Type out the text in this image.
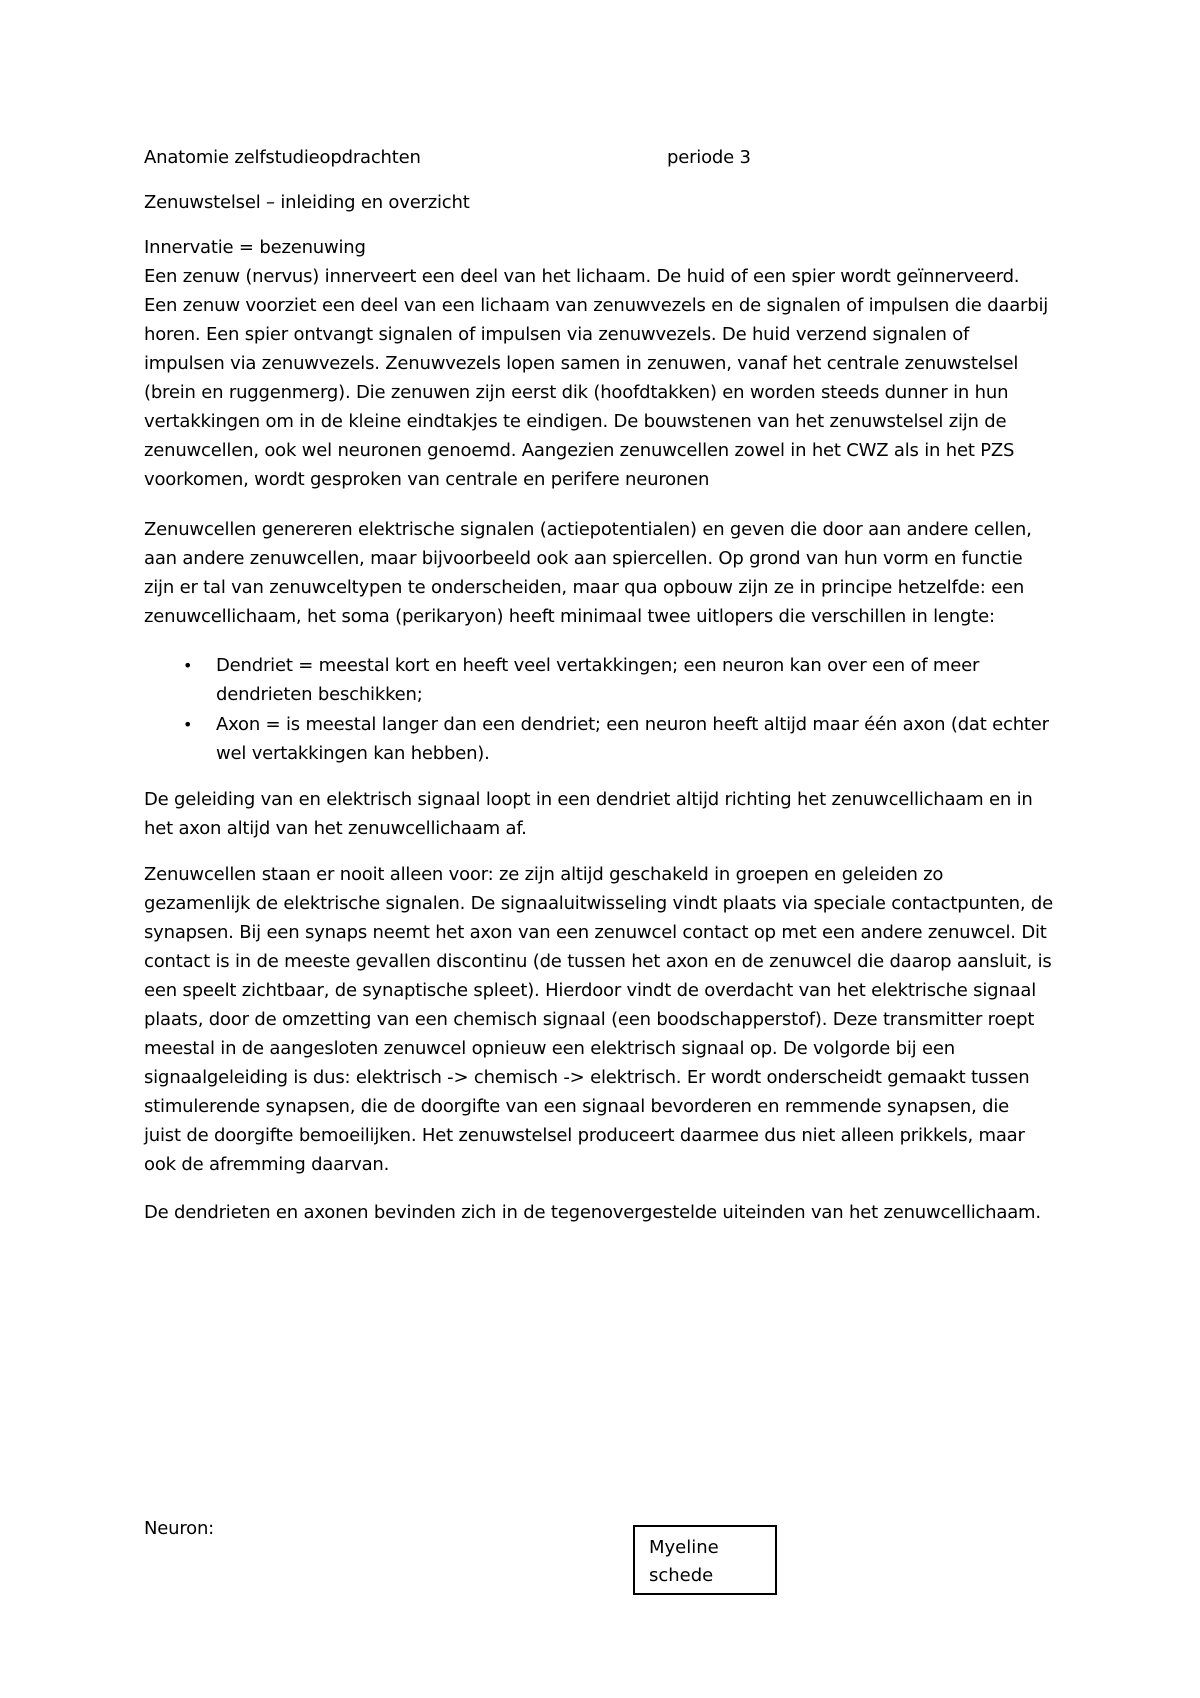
Anatomie zelfstudieopdrachten	periode 3
Zenuwstelsel – inleiding en overzicht
Innervatie = bezenuwing
Een zenuw (nervus) innerveert een deel van het lichaam. De huid of een spier wordt geïnnerveerd.
Een zenuw voorziet een deel van een lichaam van zenuwvezels en de signalen of impulsen die daarbij
horen. Een spier ontvangt signalen of impulsen via zenuwvezels. De huid verzend signalen of
impulsen via zenuwvezels. Zenuwvezels lopen samen in zenuwen, vanaf het centrale zenuwstelsel
(brein en ruggenmerg). Die zenuwen zijn eerst dik (hoofdtakken) en worden steeds dunner in hun
vertakkingen om in de kleine eindtakjes te eindigen. De bouwstenen van het zenuwstelsel zijn de
zenuwcellen, ook wel neuronen genoemd. Aangezien zenuwcellen zowel in het CWZ als in het PZS
voorkomen, wordt gesproken van centrale en perifere neuronen
Zenuwcellen genereren elektrische signalen (actiepotentialen) en geven die door aan andere cellen,
aan andere zenuwcellen, maar bijvoorbeeld ook aan spiercellen. Op grond van hun vorm en functie
zijn er tal van zenuwceltypen te onderscheiden, maar qua opbouw zijn ze in principe hetzelfde: een
zenuwcellichaam, het soma (perikaryon) heeft minimaal twee uitlopers die verschillen in lengte:
• Dendriet = meestal kort en heeft veel vertakkingen; een neuron kan over een of meer
dendrieten beschikken;
• Axon = is meestal langer dan een dendriet; een neuron heeft altijd maar één axon (dat echter
wel vertakkingen kan hebben).
De geleiding van en elektrisch signaal loopt in een dendriet altijd richting het zenuwcellichaam en in
het axon altijd van het zenuwcellichaam af.
Zenuwcellen staan er nooit alleen voor: ze zijn altijd geschakeld in groepen en geleiden zo
gezamenlijk de elektrische signalen. De signaaluitwisseling vindt plaats via speciale contactpunten, de
synapsen. Bij een synaps neemt het axon van een zenuwcel contact op met een andere zenuwcel. Dit
contact is in de meeste gevallen discontinu (de tussen het axon en de zenuwcel die daarop aansluit, is
een speelt zichtbaar, de synaptische spleet). Hierdoor vindt de overdacht van het elektrische signaal
plaats, door de omzetting van een chemisch signaal (een boodschapperstof). Deze transmitter roept
meestal in de aangesloten zenuwcel opnieuw een elektrisch signaal op. De volgorde bij een
signaalgeleiding is dus: elektrisch -> chemisch -> elektrisch. Er wordt onderscheidt gemaakt tussen
stimulerende synapsen, die de doorgifte van een signaal bevorderen en remmende synapsen, die
juist de doorgifte bemoeilijken. Het zenuwstelsel produceert daarmee dus niet alleen prikkels, maar
ook de afremming daarvan.
De dendrieten en axonen bevinden zich in de tegenovergestelde uiteinden van het zenuwcellichaam.
Neuron:
Myeline
schede
